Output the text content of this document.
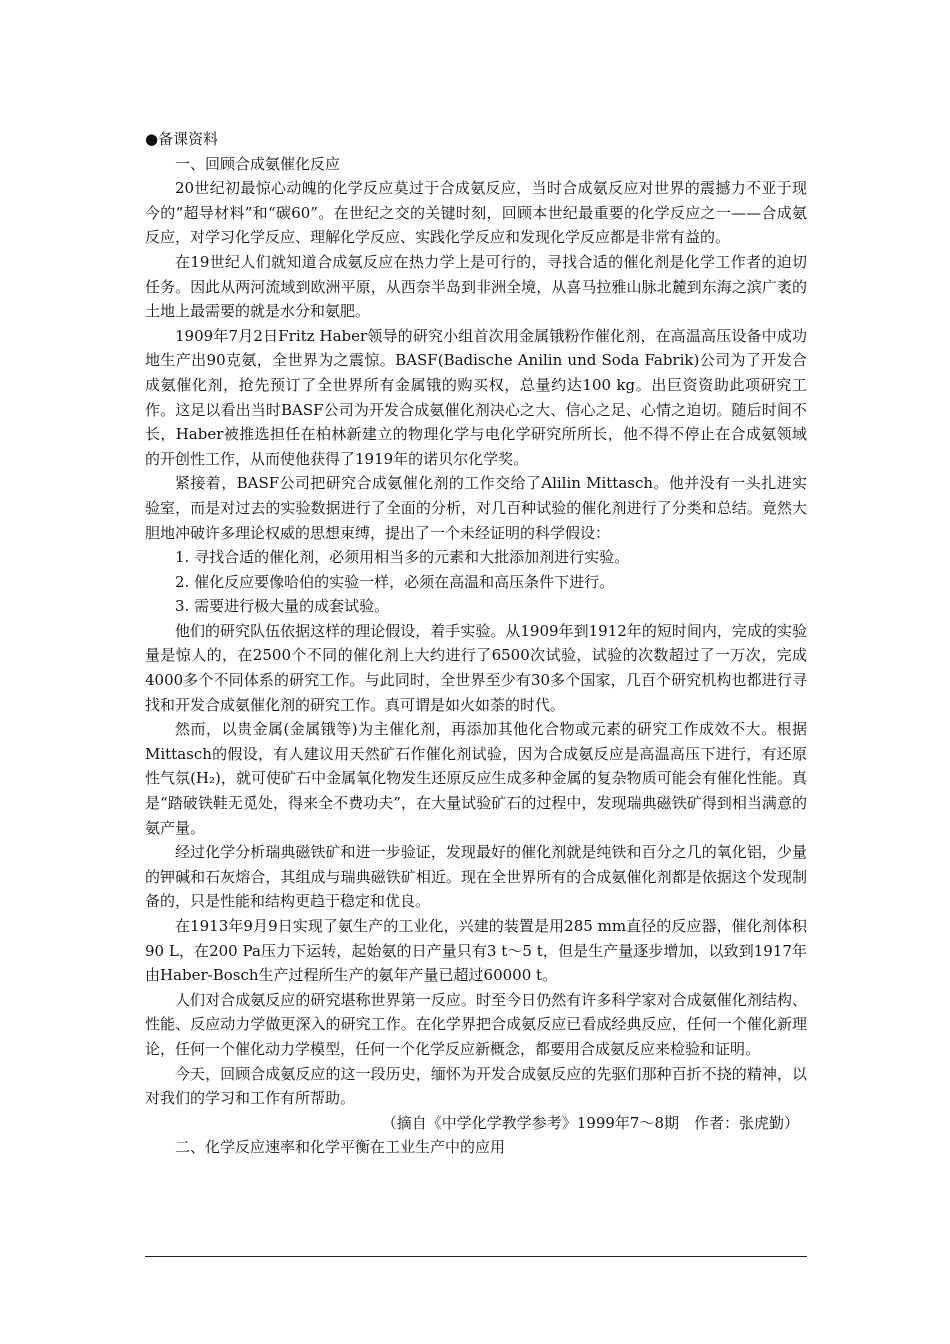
●备课资料

一、回顾合成氨催化反应

20世纪初最惊心动魄的化学反应莫过于合成氨反应，当时合成氨反应对世界的震撼力不亚于现今的“超导材料”和“碳60”。在世纪之交的关键时刻，回顾本世纪最重要的化学反应之一——合成氨反应，对学习化学反应、理解化学反应、实践化学反应和发现化学反应都是非常有益的。

在19世纪人们就知道合成氨反应在热力学上是可行的，寻找合适的催化剂是化学工作者的迫切任务。因此从两河流域到欧洲平原，从西奈半岛到非洲全境，从喜马拉雅山脉北麓到东海之滨广袤的土地上最需要的就是水分和氨肥。

1909年7月2日Fritz Haber领导的研究小组首次用金属锇粉作催化剂，在高温高压设备中成功地生产出90克氨，全世界为之震惊。BASF(Badische Anilin und Soda Fabrik)公司为了开发合成氨催化剂，抢先预订了全世界所有金属锇的购买权，总量约达100 kg。出巨资资助此项研究工作。这足以看出当时BASF公司为开发合成氨催化剂决心之大、信心之足、心情之迫切。随后时间不长，Haber被推选担任在柏林新建立的物理化学与电化学研究所所长，他不得不停止在合成氨领域的开创性工作，从而使他获得了1919年的诺贝尔化学奖。

紧接着，BASF公司把研究合成氨催化剂的工作交给了Alilin Mittasch。他并没有一头扎进实验室，而是对过去的实验数据进行了全面的分析，对几百种试验的催化剂进行了分类和总结。竟然大胆地冲破许多理论权威的思想束缚，提出了一个未经证明的科学假设：

1. 寻找合适的催化剂，必须用相当多的元素和大批添加剂进行实验。

2. 催化反应要像哈伯的实验一样，必须在高温和高压条件下进行。

3. 需要进行极大量的成套试验。

他们的研究队伍依据这样的理论假设，着手实验。从1909年到1912年的短时间内，完成的实验量是惊人的，在2500个不同的催化剂上大约进行了6500次试验，试验的次数超过了一万次，完成4000多个不同体系的研究工作。与此同时，全世界至少有30多个国家，几百个研究机构也都进行寻找和开发合成氨催化剂的研究工作。真可谓是如火如荼的时代。

然而，以贵金属(金属锇等)为主催化剂，再添加其他化合物或元素的研究工作成效不大。根据Mittasch的假设，有人建议用天然矿石作催化剂试验，因为合成氨反应是高温高压下进行，有还原性气氛(H₂)，就可使矿石中金属氧化物发生还原反应生成多种金属的复杂物质可能会有催化性能。真是“踏破铁鞋无觅处，得来全不费功夫”，在大量试验矿石的过程中，发现瑞典磁铁矿得到相当满意的氨产量。

经过化学分析瑞典磁铁矿和进一步验证，发现最好的催化剂就是纯铁和百分之几的氧化铝，少量的钾碱和石灰熔合，其组成与瑞典磁铁矿相近。现在全世界所有的合成氨催化剂都是依据这个发现制备的，只是性能和结构更趋于稳定和优良。

在1913年9月9日实现了氨生产的工业化，兴建的装置是用285 mm直径的反应器，催化剂体积90 L，在200 Pa压力下运转，起始氨的日产量只有3 t～5 t，但是生产量逐步增加，以致到1917年由Haber-Bosch生产过程所生产的氨年产量已超过60000 t。

人们对合成氨反应的研究堪称世界第一反应。时至今日仍然有许多科学家对合成氨催化剂结构、性能、反应动力学做更深入的研究工作。在化学界把合成氨反应已看成经典反应，任何一个催化新理论，任何一个催化动力学模型，任何一个化学反应新概念，都要用合成氨反应来检验和证明。

今天，回顾合成氨反应的这一段历史，缅怀为开发合成氨反应的先驱们那种百折不挠的精神，以对我们的学习和工作有所帮助。

（摘自《中学化学教学参考》1999年7～8期　作者：张虎勤）

二、化学反应速率和化学平衡在工业生产中的应用
